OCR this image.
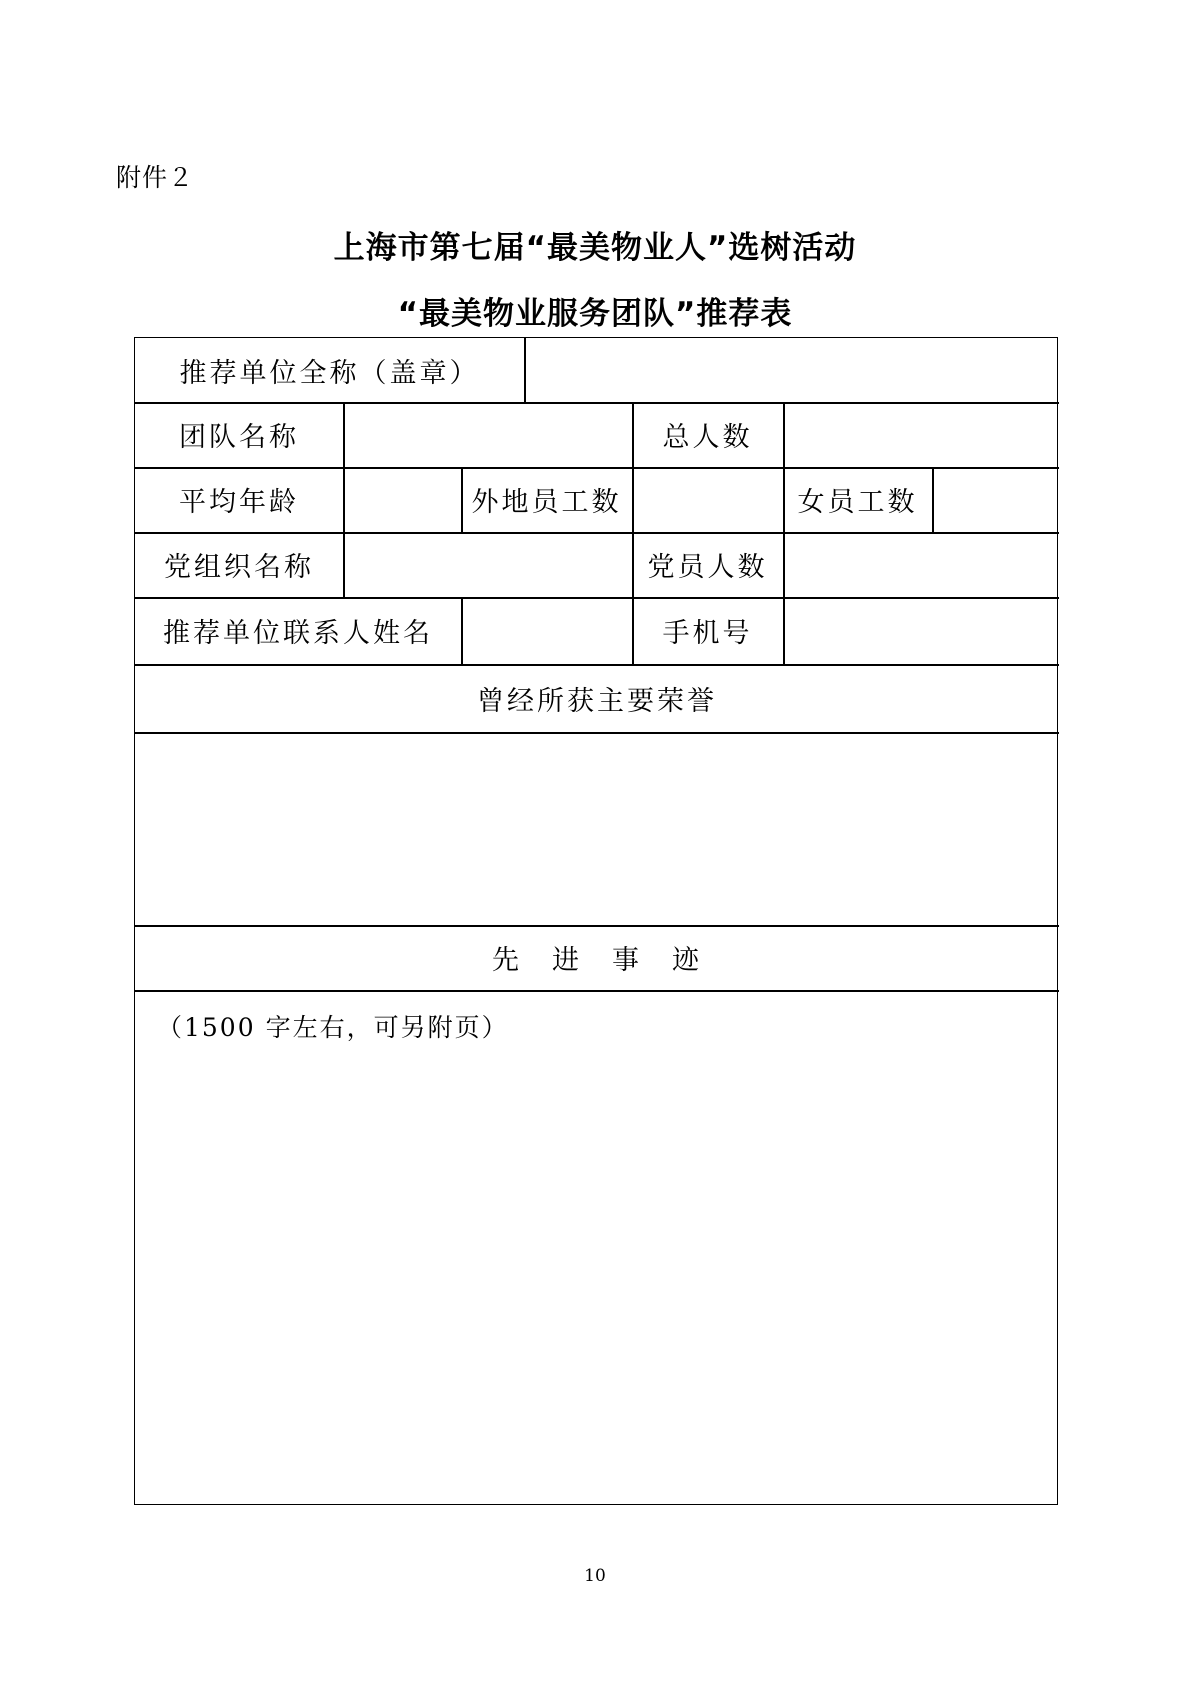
附件２
上海市第七届“最美物业人”选树活动
“最美物业服务团队”推荐表
推荐单位全称（盖章）
团队名称	总人数
平均年龄	外地员工数	女员工数
党组织名称	党员人数
推荐单位联系人姓名	手机号
曾经所获主要荣誉
先　进　事　迹
（1500 字左右，可另附页）
10
